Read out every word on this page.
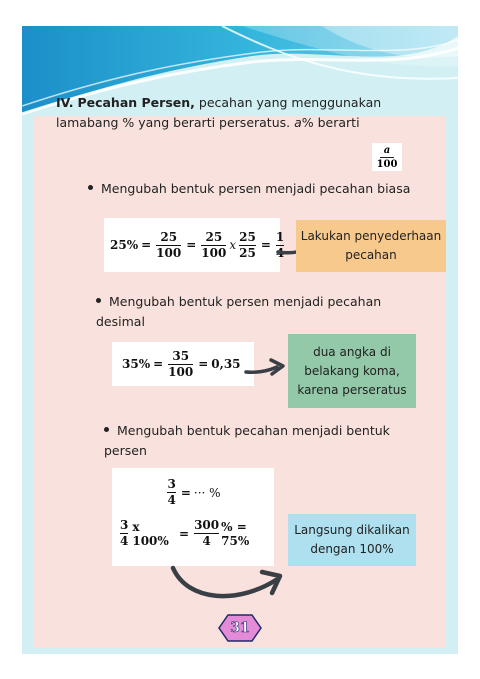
IV. Pecahan Persen, pecahan yang menggunakan lamabang % yang berarti perseratus. a% berarti
a
100
Mengubah bentuk persen menjadi pecahan biasa
$25\% = \frac{25}{100} = \frac{25}{100}$ x $\frac{25}{25} = \frac{1}{4}$ Lakukan penyederhaan
pecahan
Mengubah bentuk persen menjadi pecahan desimal
$35\% = \frac{35}{100} = 0,35$
dua angka di
belakang koma,
karena perseratus
Mengubah bentuk pecahan menjadi bentuk persen
$\frac{3}{4}$ = ··· %
$\frac{3}{4}$ x $100\% = \frac{300}{4}$ % = 75%
Langsung dikalikan
dengan 100%
31
